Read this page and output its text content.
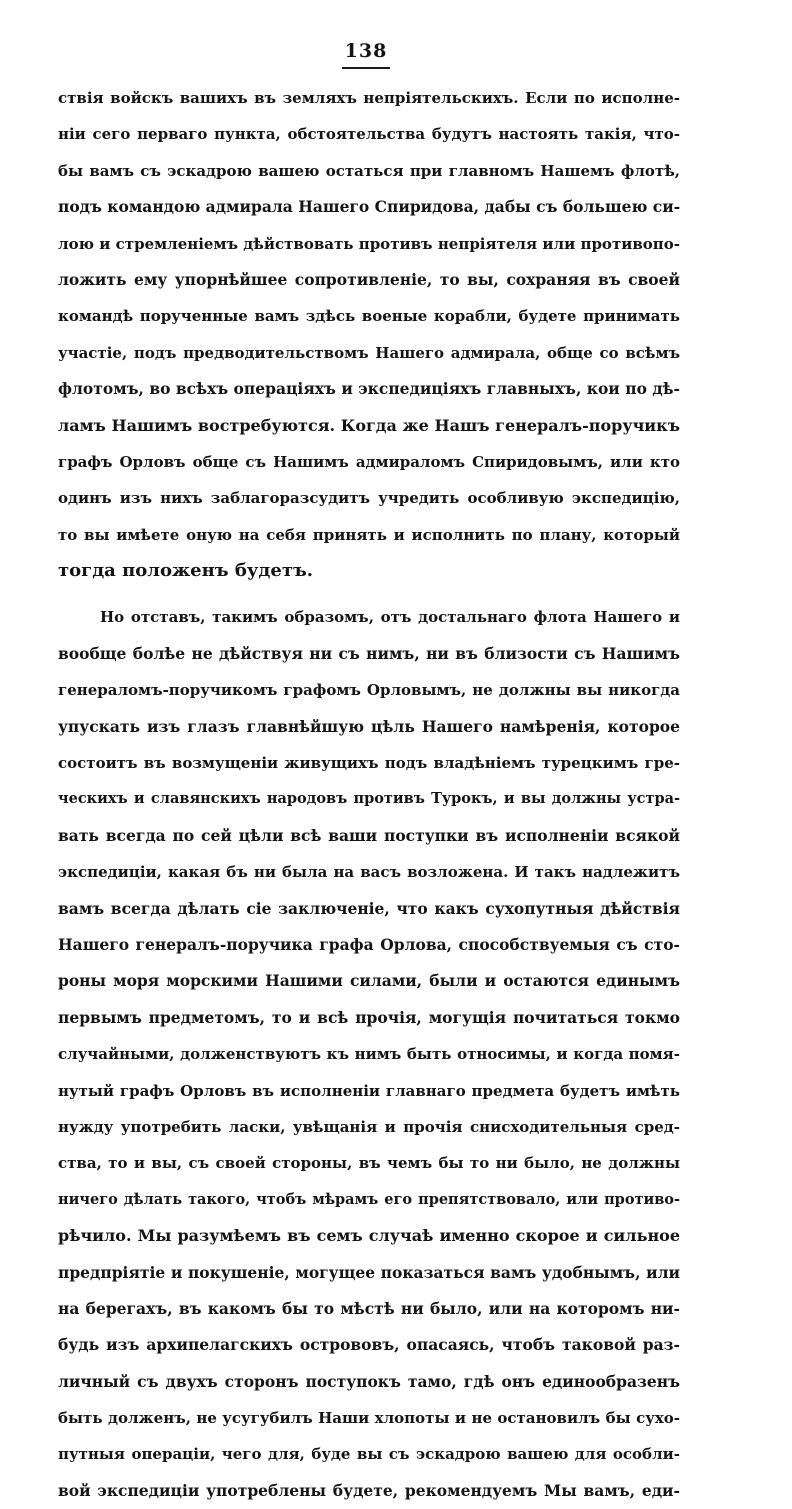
138
ствія войскъ вашихъ въ земляхъ непріятельскихъ. Если по исполне-
ніи сего перваго пункта, обстоятельства будутъ настоять такія, что-
бы вамъ съ эскадрою вашею остаться при главномъ Нашемъ флотѣ,
подъ командою адмирала Нашего Спиридова, дабы съ большею си-
лою и стремленіемъ дѣйствовать противъ непріятеля или противопо-
ложить ему упорнѣйшее сопротивленіе, то вы, сохраняя въ своей
командѣ порученные вамъ здѣсь военые корабли, будете принимать
участіе, подъ предводительствомъ Нашего адмирала, обще со всѣмъ
флотомъ, во всѣхъ операціяхъ и экспедиціяхъ главныхъ, кои по дѣ-
ламъ Нашимъ востребуются. Когда же Нашъ генералъ-поручикъ
графъ Орловъ обще съ Нашимъ адмираломъ Спиридовымъ, или кто
одинъ изъ нихъ заблагоразсудитъ учредить особливую экспедицію,
то вы имѣете оную на себя принять и исполнить по плану, который
тогда положенъ будетъ.
Но отставъ, такимъ образомъ, отъ достальнаго флота Нашего и
вообще болѣе не дѣйствуя ни съ нимъ, ни въ близости съ Нашимъ
генераломъ-поручикомъ графомъ Орловымъ, не должны вы никогда
упускать изъ глазъ главнѣйшую цѣль Нашего намѣренія, которое
состоитъ въ возмущеніи живущихъ подъ владѣніемъ турецкимъ гре-
ческихъ и славянскихъ народовъ противъ Турокъ, и вы должны устра-
вать всегда по сей цѣли всѣ ваши поступки въ исполненіи всякой
экспедиціи, какая бъ ни была на васъ возложена. И такъ надлежитъ
вамъ всегда дѣлать сіе заключеніе, что какъ сухопутныя дѣйствія
Нашего генералъ-поручика графа Орлова, способствуемыя съ сто-
роны моря морскими Нашими силами, были и остаются единымъ
первымъ предметомъ, то и всѣ прочія, могущія почитаться токмо
случайными, долженствуютъ къ нимъ быть относимы, и когда помя-
нутый графъ Орловъ въ исполненіи главнаго предмета будетъ имѣть
нужду употребить ласки, увѣщанія и прочія снисходительныя сред-
ства, то и вы, съ своей стороны, въ чемъ бы то ни было, не должны
ничего дѣлать такого, чтобъ мѣрамъ его препятствовало, или противо-
рѣчило. Мы разумѣемъ въ семъ случаѣ именно скорое и сильное
предпріятіе и покушеніе, могущее показаться вамъ удобнымъ, или
на берегахъ, въ какомъ бы то мѣстѣ ни было, или на которомъ ни-
будь изъ архипелагскихъ острововъ, опасаясь, чтобъ таковой раз-
личный съ двухъ сторонъ поступокъ тамо, гдѣ онъ единообразенъ
быть долженъ, не усугубилъ Наши хлопоты и не остановилъ бы сухо-
путныя операціи, чего для, буде вы съ эскадрою вашею для особли-
вой экспедиціи употреблены будете, рекомендуемъ Мы вамъ, еди-
